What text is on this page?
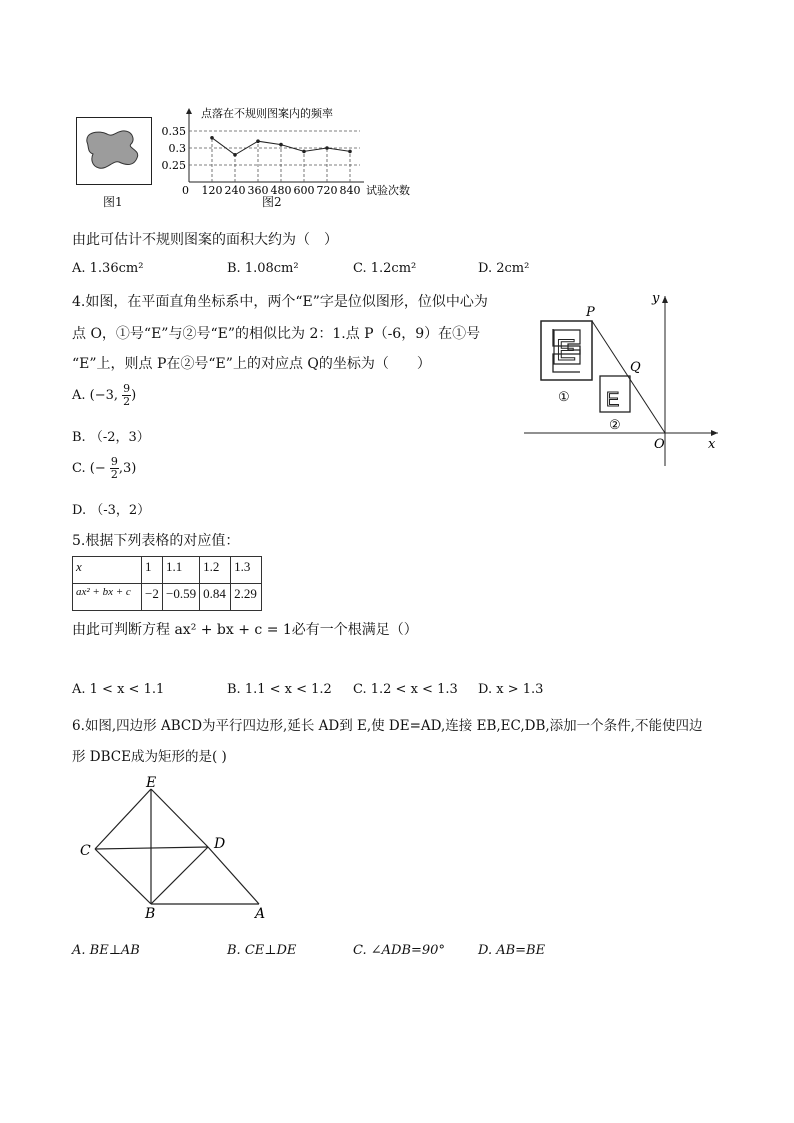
图1
点落在不规则图案内的频率
试验次数
0
0.35
0.3
0.25
120 240 360 480 600 720 840
图2
由此可估计不规则图案的面积大约为（　）
A. 1.36cm²	B. 1.08cm²	C. 1.2cm²	D. 2cm²
4.如图，在平面直角坐标系中，两个“E”字是位似图形，位似中心为
点 O，①号“E”与②号“E”的相似比为 2：1.点 P（-6，9）在①号
“E”上，则点 P在②号“E”上的对应点 Q的坐标为（　　）
A. (−3, $\frac{9}{2}$ )
B. （-2，3）
C. (− $\frac{9}{2} ,3$)
D. （-3，2）
x
y
O
E
E
P
Q
①
②
5.根据下列表格的对应值：
x	1	1.1	1.2	1.3
ax² + bx + c	−2	−0.59	0.84	2.29
由此可判断方程 ax² + bx + c = 1必有一个根满足（）
A. 1 < x < 1.1	B. 1.1 < x < 1.2 C. 1.2 < x < 1.3 D. x > 1.3
6.如图,四边形 ABCD为平行四边形,延长 AD到 E,使 DE=AD,连接 EB,EC,DB,添加一个条件,不能使四边
形 DBCE成为矩形的是( )
E
C	D
B	A
A. BE⊥AB	B. CE⊥DE	C. ∠ADB=90°	D. AB=BE
